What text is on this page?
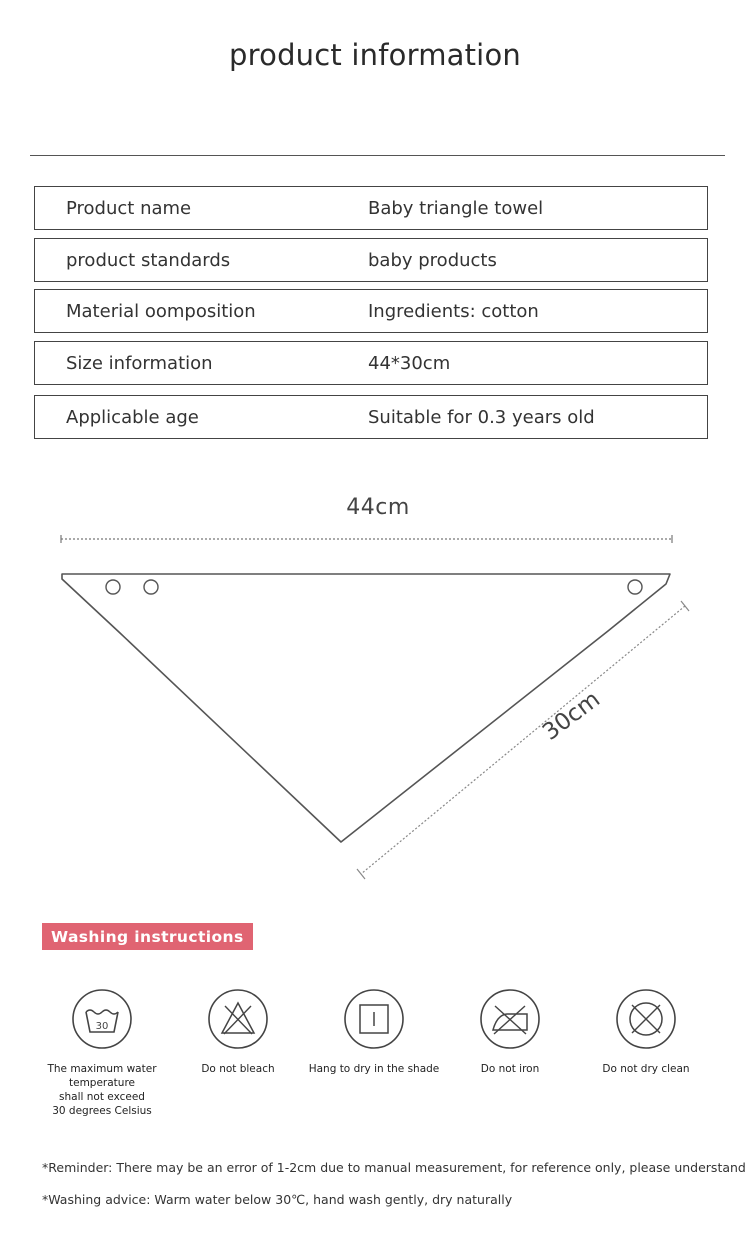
product information
Product name	Baby triangle towel
product standards	baby products
Material oomposition	Ingredients: cotton
Size information	44*30cm
Applicable age	Suitable for 0.3 years old
44cm
30cm
Washing instructions
30
The maximum water temperature
shall not exceed
30 degrees Celsius
Do not bleach	Hang to dry in the shade	Do not iron	Do not dry clean
*Reminder: There may be an error of 1-2cm due to manual measurement, for reference only, please understand
*Washing advice: Warm water below 30℃, hand wash gently, dry naturally
